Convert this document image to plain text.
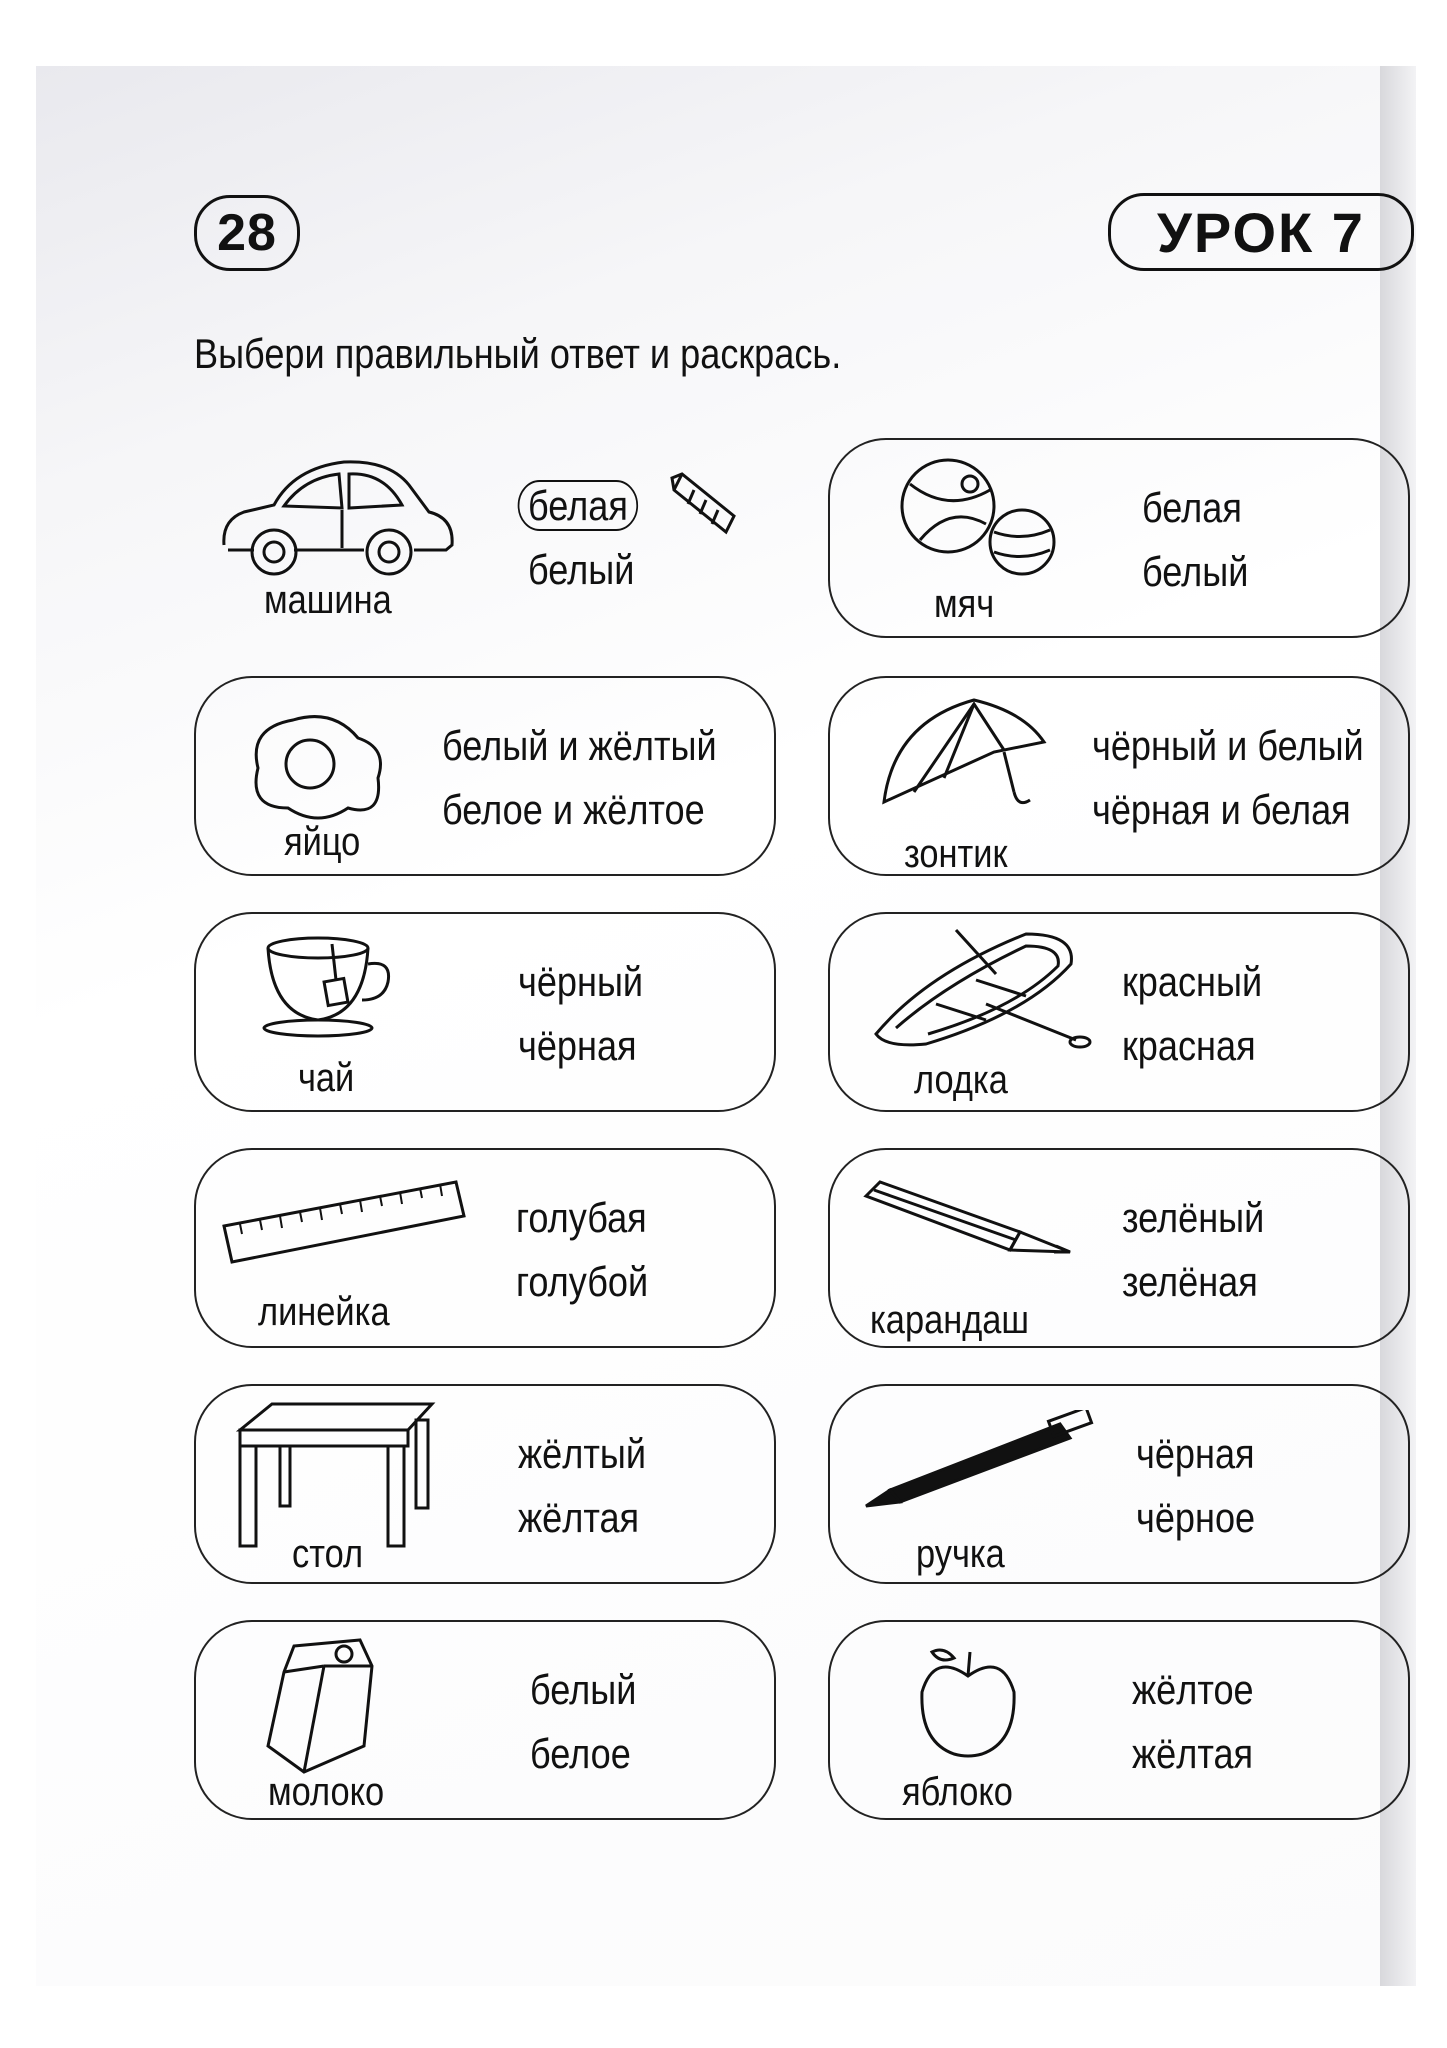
28	УРОК 7
Выбери правильный ответ и раскрась.
машина
белая
белый
мяч
белая
белый
яйцо
белый и жёлтый
белое и жёлтое
зонтик
чёрный и белый
чёрная и белая
чай
чёрный
чёрная
лодка
красный
красная
линейка
голубая
голубой
карандаш
зелёный
зелёная
стол
жёлтый
жёлтая
ручка
чёрная
чёрное
молоко
белый
белое
яблоко
жёлтое
жёлтая
